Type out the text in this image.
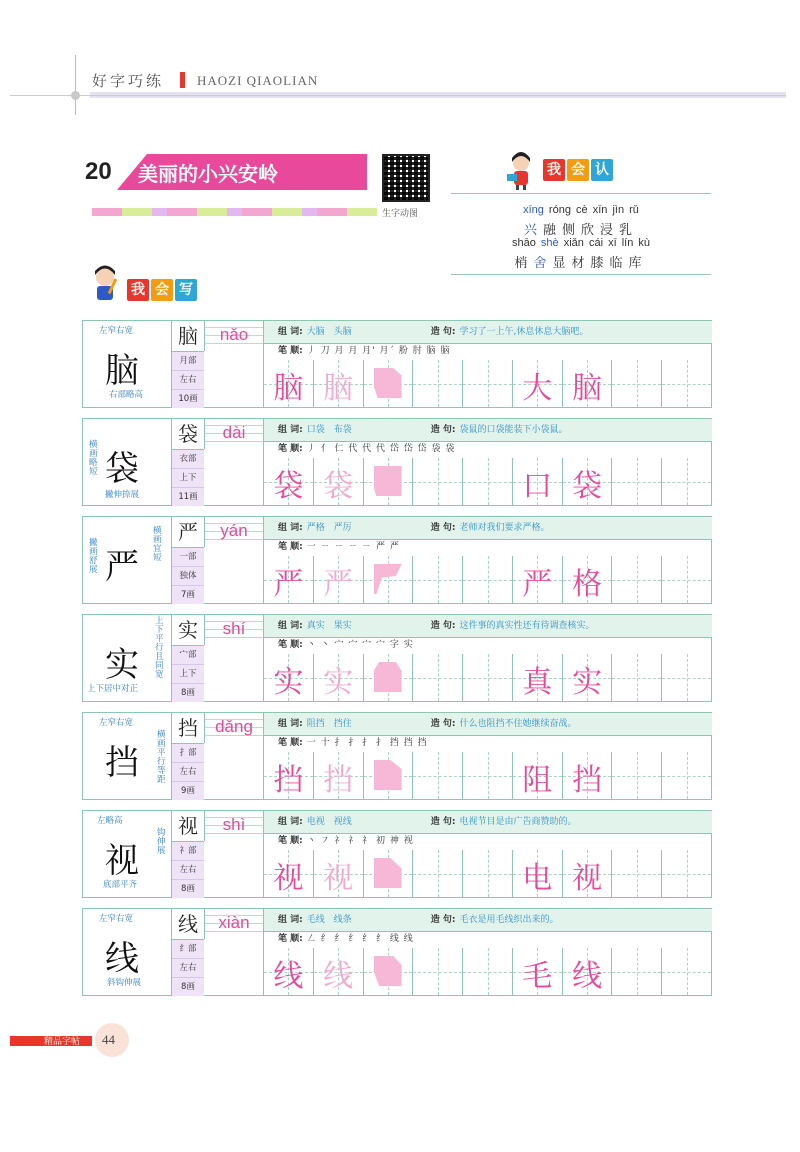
好字巧练	HAOZI QIAOLIAN
20 美丽的小兴安岭
生字动图
我 会 认
xīng róng cè xīn jìn rǔ
兴融侧欣浸乳
shāo shè xiǎn cái xī lín kù
梢舍显材膝临库
我 会 写
脑
左窄右宽
右部略高
脑
月部
左右
10画
nǎo	组 词: 大脑　头脑	造 句: 学习了一上午,休息休息大脑吧。
笔 顺: 丿 刀 月 月 月' 月ˊ 肦 肘 脑 脑
脑 脑	大 脑
袋
横画略短
撇伸捺展
袋
衣部
上下
11画
dài	组 词: 口袋　布袋	造 句: 袋鼠的口袋能装下小袋鼠。
笔 顺: 丿 亻 仁 代 代 代 岱 岱 岱 袋 袋
袋 袋	口 袋
严
撇画舒展
横画宜短
严
一部
独体
7画
yán	组 词: 严格　严厉	造 句: 老师对我们要求严格。
笔 顺: 一 ㄧ ㄧ ㄧ ㄧ 严 严
严 严	严 格
实
上下平行且同宽
上下居中对正
实
宀部
上下
8画
shí	组 词: 真实　果实	造 句: 这件事的真实性还有待调查核实。
笔 顺: 丶 丶 宀 宀 宀 宀 字 实
实 实	真 实
挡
左窄右宽
横画平行等距
挡
扌部
左右
9画
dǎng	组 词: 阻挡　挡住	造 句: 什么也阻挡不住她继续奋战。
笔 顺: 一 十 扌 扌 扌 扌 挡 挡 挡
挡 挡	阻 挡
视
左略高
钩伸展
底部平齐
视
礻部
左右
8画
shì	组 词: 电视　视线	造 句: 电视节目是由广告商赞助的。
笔 顺: 丶 ㇇ 礻 礻 礻 初 神 视
视 视	电 视
线
左窄右宽
斜钩伸展
线
纟部
左右
8画
xiàn	组 词: 毛线　线条	造 句: 毛衣是用毛线织出来的。
笔 顺: ㇜ 纟 纟 纟 纟 纟 线 线
线 线	毛 线
精品字帖 44
